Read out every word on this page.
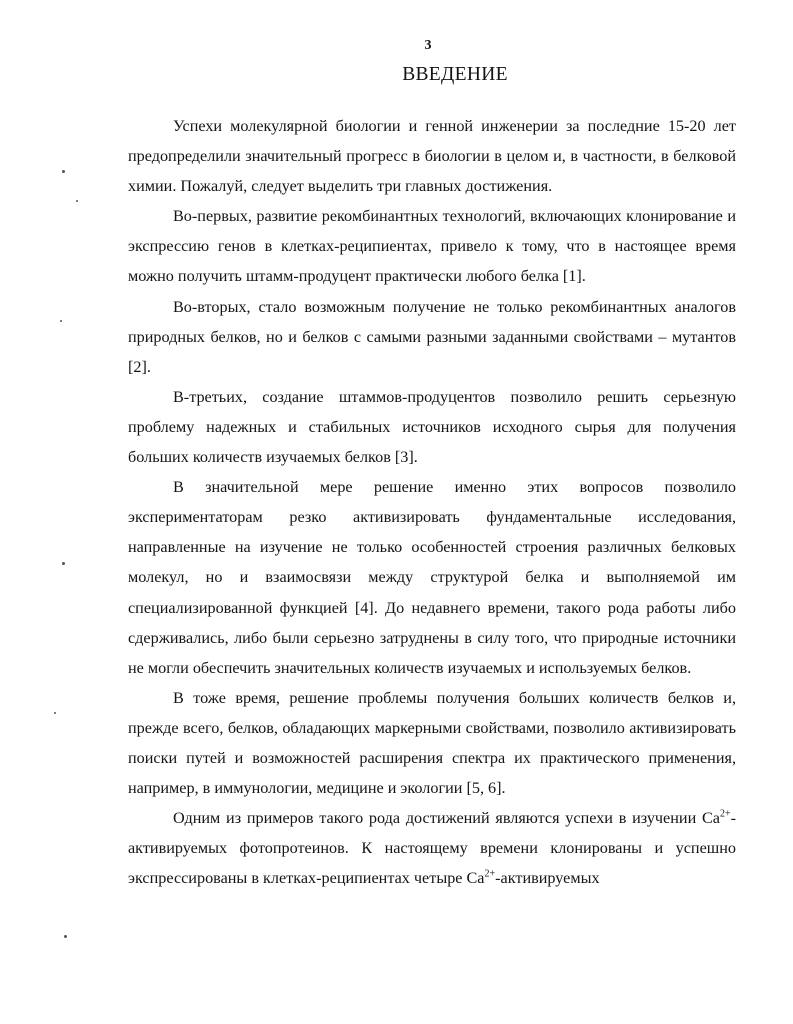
3
ВВЕДЕНИЕ

Успехи молекулярной биологии и генной инженерии за последние 15-20 лет предопределили значительный прогресс в биологии в целом и, в частности, в белковой химии. Пожалуй, следует выделить три главных достижения.

Во-первых, развитие рекомбинантных технологий, включающих клонирование и экспрессию генов в клетках-реципиентах, привело к тому, что в настоящее время можно получить штамм-продуцент практически любого белка [1].

Во-вторых, стало возможным получение не только рекомбинантных аналогов природных белков, но и белков с самыми разными заданными свойствами – мутантов [2].

В-третьих, создание штаммов-продуцентов позволило решить серьезную проблему надежных и стабильных источников исходного сырья для получения больших количеств изучаемых белков [3].

В значительной мере решение именно этих вопросов позволило экспериментаторам резко активизировать фундаментальные исследования, направленные на изучение не только особенностей строения различных белковых молекул, но и взаимосвязи между структурой белка и выполняемой им специализированной функцией [4]. До недавнего времени, такого рода работы либо сдерживались, либо были серьезно затруднены в силу того, что природные источники не могли обеспечить значительных количеств изучаемых и используемых белков.

В тоже время, решение проблемы получения больших количеств белков и, прежде всего, белков, обладающих маркерными свойствами, позволило активизировать поиски путей и возможностей расширения спектра их практического применения, например, в иммунологии, медицине и экологии [5, 6].

Одним из примеров такого рода достижений являются успехи в изучении $Ca^{2+}$-активируемых фотопротеинов. К настоящему времени клонированы и успешно экспрессированы в клетках-реципиентах четыре $Ca^{2+}$-активируемых
